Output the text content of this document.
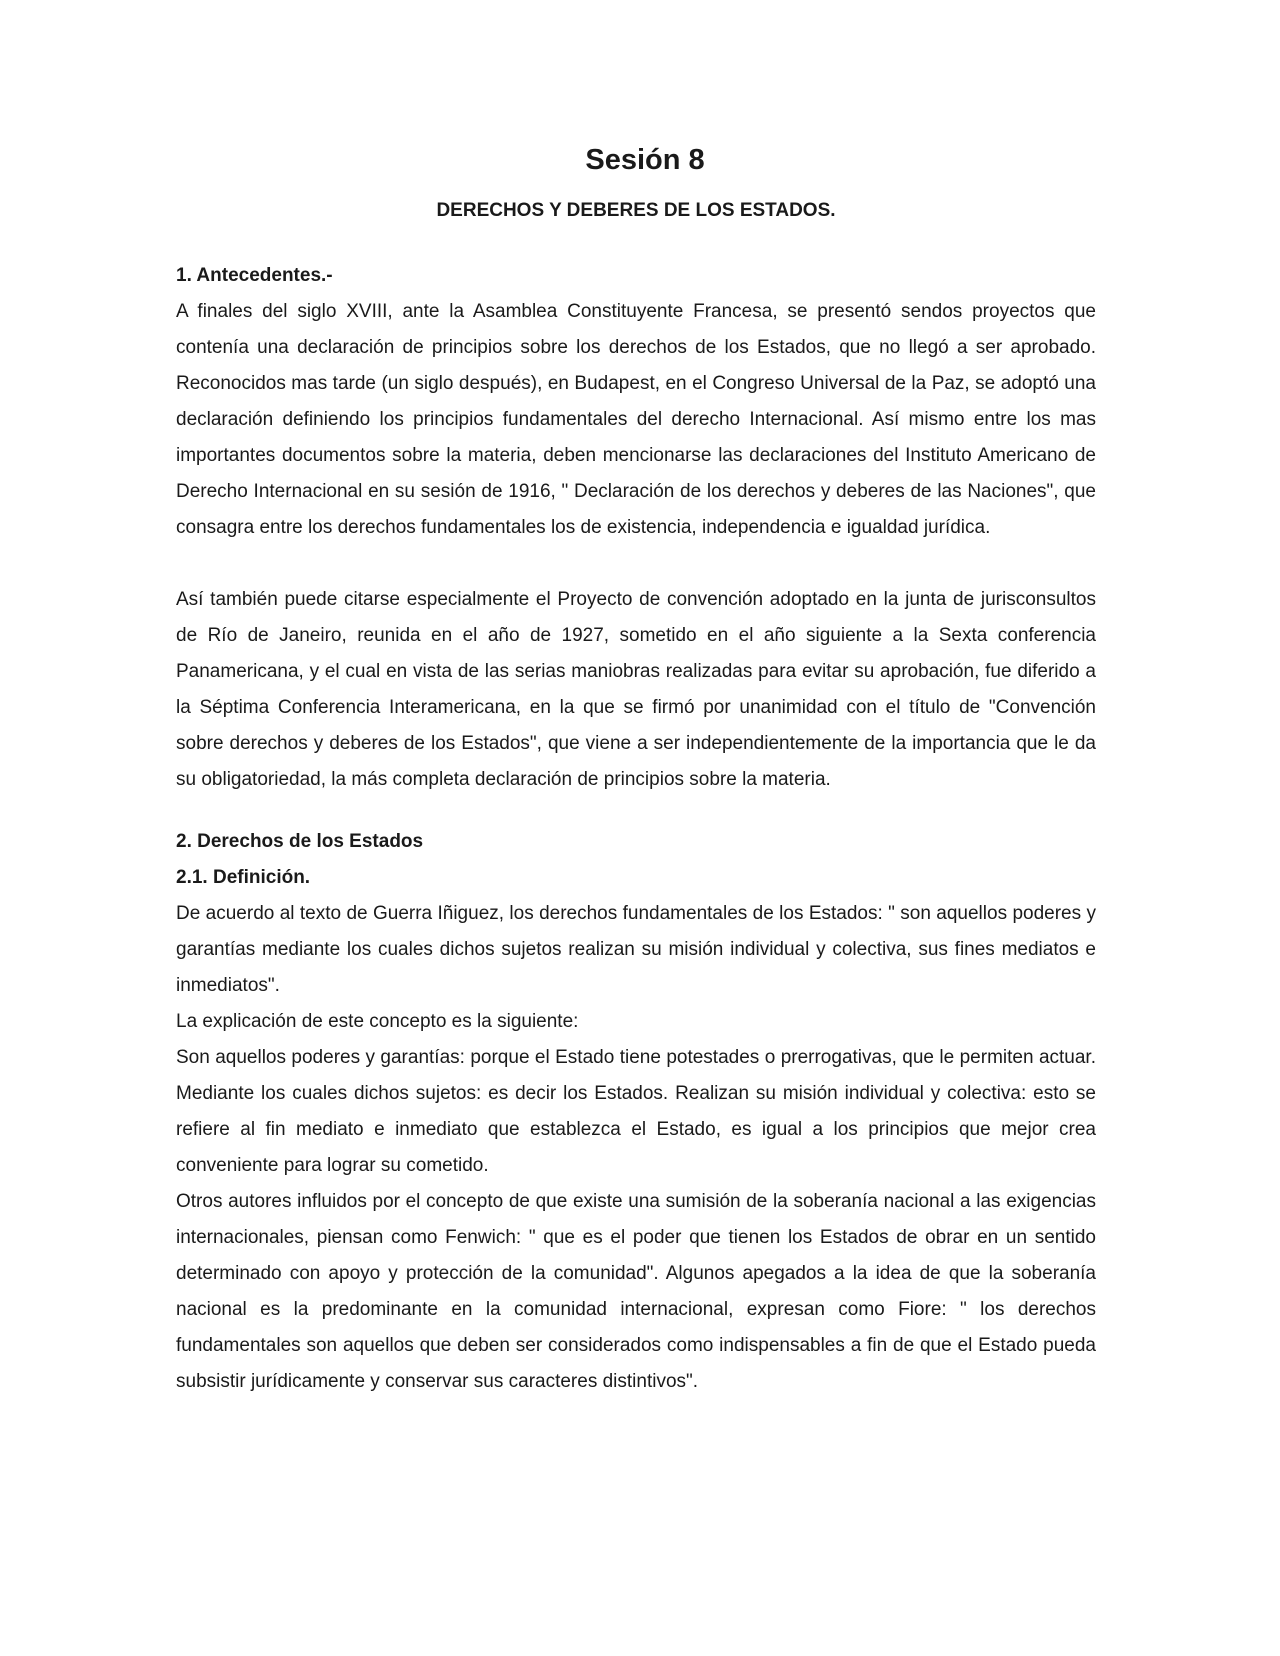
Sesión 8
DERECHOS Y DEBERES DE LOS ESTADOS.

1. Antecedentes.-

A finales del siglo XVIII, ante la Asamblea Constituyente Francesa, se presentó sendos proyectos que contenía una declaración de principios sobre los derechos de los Estados, que no llegó a ser aprobado. Reconocidos mas tarde (un siglo después), en Budapest, en el Congreso Universal de la Paz, se adoptó una declaración definiendo los principios fundamentales del derecho Internacional. Así mismo entre los mas importantes documentos sobre la materia, deben mencionarse las declaraciones del Instituto Americano de Derecho Internacional en su sesión de 1916, " Declaración de los derechos y deberes de las Naciones", que consagra entre los derechos fundamentales los de existencia, independencia e igualdad jurídica.

Así también puede citarse especialmente el Proyecto de convención adoptado en la junta de jurisconsultos de Río de Janeiro, reunida en el año de 1927, sometido en el año siguiente a la Sexta conferencia Panamericana, y el cual en vista de las serias maniobras realizadas para evitar su aprobación, fue diferido a la Séptima Conferencia Interamericana, en la que se firmó por unanimidad con el título de "Convención sobre derechos y deberes de los Estados", que viene a ser independientemente de la importancia que le da su obligatoriedad, la más completa declaración de principios sobre la materia.

2. Derechos de los Estados

2.1. Definición.

De acuerdo al texto de Guerra Iñiguez, los derechos fundamentales de los Estados: " son aquellos poderes y garantías mediante los cuales dichos sujetos realizan su misión individual y colectiva, sus fines mediatos e inmediatos".

La explicación de este concepto es la siguiente:

Son aquellos poderes y garantías: porque el Estado tiene potestades o prerrogativas, que le permiten actuar. Mediante los cuales dichos sujetos: es decir los Estados. Realizan su misión individual y colectiva: esto se refiere al fin mediato e inmediato que establezca el Estado, es igual a los principios que mejor crea conveniente para lograr su cometido.

Otros autores influidos por el concepto de que existe una sumisión de la soberanía nacional a las exigencias internacionales, piensan como Fenwich: " que es el poder que tienen los Estados de obrar en un sentido determinado con apoyo y protección de la comunidad". Algunos apegados a la idea de que la soberanía nacional es la predominante en la comunidad internacional, expresan como Fiore: " los derechos fundamentales son aquellos que deben ser considerados como indispensables a fin de que el Estado pueda subsistir jurídicamente y conservar sus caracteres distintivos".
